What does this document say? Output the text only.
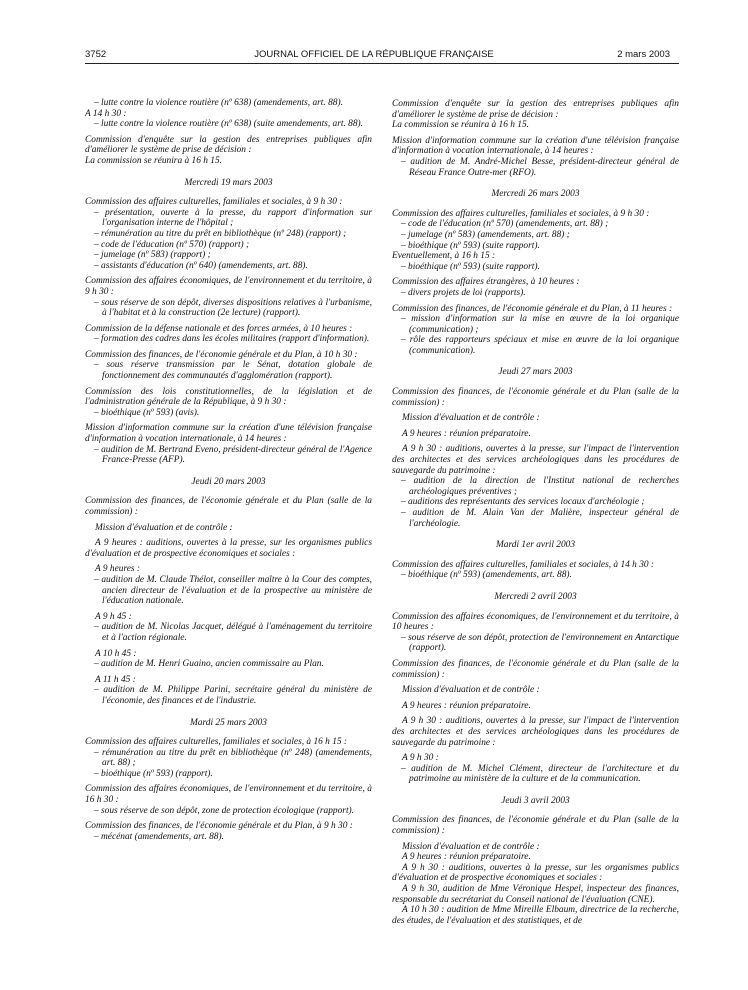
3752	JOURNAL OFFICIEL DE LA RÉPUBLIQUE FRANÇAISE	2 mars 2003
– lutte contre la violence routière (nº 638) (amendements, art. 88).
A 14 h 30 :
– lutte contre la violence routière (nº 638) (suite amendements, art. 88).
Commission d'enquête sur la gestion des entreprises publiques afin d'améliorer le système de prise de décision :
La commission se réunira à 16 h 15.
Mercredi 19 mars 2003
Commission des affaires culturelles, familiales et sociales, à 9 h 30 :
– présentation, ouverte à la presse, du rapport d'information sur l'organisation interne de l'hôpital ;
– rémunération au titre du prêt en bibliothèque (nº 248) (rapport) ;
– code de l'éducation (nº 570) (rapport) ;
– jumelage (nº 583) (rapport) ;
– assistants d'éducation (nº 640) (amendements, art. 88).
Commission des affaires économiques, de l'environnement et du territoire, à 9 h 30 :
– sous réserve de son dépôt, diverses dispositions relatives à l'urbanisme, à l'habitat et à la construction (2e lecture) (rapport).
Commission de la défense nationale et des forces armées, à 10 heures :
– formation des cadres dans les écoles militaires (rapport d'information).
Commission des finances, de l'économie générale et du Plan, à 10 h 30 :
– sous réserve transmission par le Sénat, dotation globale de fonctionnement des communautés d'agglomération (rapport).
Commission des lois constitutionnelles, de la législation et de l'administration générale de la République, à 9 h 30 :
– bioéthique (nº 593) (avis).
Mission d'information commune sur la création d'une télévision française d'information à vocation internationale, à 14 heures :
– audition de M. Bertrand Eveno, président-directeur général de l'Agence France-Presse (AFP).
Jeudi 20 mars 2003
Commission des finances, de l'économie générale et du Plan (salle de la commission) :
Mission d'évaluation et de contrôle :
A 9 heures : auditions, ouvertes à la presse, sur les organismes publics d'évaluation et de prospective économiques et sociales :
A 9 heures :
– audition de M. Claude Thélot, conseiller maître à la Cour des comptes, ancien directeur de l'évaluation et de la prospective au ministère de l'éducation nationale.
A 9 h 45 :
– audition de M. Nicolas Jacquet, délégué à l'aménagement du territoire et à l'action régionale.
A 10 h 45 :
– audition de M. Henri Guaino, ancien commissaire au Plan.
A 11 h 45 :
– audition de M. Philippe Parini, secrétaire général du ministère de l'économie, des finances et de l'industrie.
Mardi 25 mars 2003
Commission des affaires culturelles, familiales et sociales, à 16 h 15 :
– rémunération au titre du prêt en bibliothèque (nº 248) (amendements, art. 88) ;
– bioéthique (nº 593) (rapport).
Commission des affaires économiques, de l'environnement et du territoire, à 16 h 30 :
– sous réserve de son dépôt, zone de protection écologique (rapport).
Commission des finances, de l'économie générale et du Plan, à 9 h 30 :
– mécénat (amendements, art. 88).
Commission d'enquête sur la gestion des entreprises publiques afin d'améliorer le système de prise de décision :
La commission se réunira à 16 h 15.
Mission d'information commune sur la création d'une télévision française d'information à vocation internationale, à 14 heures :
– audition de M. André-Michel Besse, président-directeur général de Réseau France Outre-mer (RFO).
Mercredi 26 mars 2003
Commission des affaires culturelles, familiales et sociales, à 9 h 30 :
– code de l'éducation (nº 570) (amendements, art. 88) ;
– jumelage (nº 583) (amendements, art. 88) ;
– bioéthique (nº 593) (suite rapport).
Eventuellement, à 16 h 15 :
– bioéthique (nº 593) (suite rapport).
Commission des affaires étrangères, à 10 heures :
– divers projets de loi (rapports).
Commission des finances, de l'économie générale et du Plan, à 11 heures :
– mission d'information sur la mise en œuvre de la loi organique (communication) ;
– rôle des rapporteurs spéciaux et mise en œuvre de la loi organique (communication).
Jeudi 27 mars 2003
Commission des finances, de l'économie générale et du Plan (salle de la commission) :
Mission d'évaluation et de contrôle :
A 9 heures : réunion préparatoire.
A 9 h 30 : auditions, ouvertes à la presse, sur l'impact de l'intervention des architectes et des services archéologiques dans les procédures de sauvegarde du patrimoine :
– audition de la direction de l'Institut national de recherches archéologiques préventives ;
– auditions des représentants des services locaux d'archéologie ;
– audition de M. Alain Van der Malière, inspecteur général de l'archéologie.
Mardi 1er avril 2003
Commission des affaires culturelles, familiales et sociales, à 14 h 30 :
– bioéthique (nº 593) (amendements, art. 88).
Mercredi 2 avril 2003
Commission des affaires économiques, de l'environnement et du territoire, à 10 heures :
– sous réserve de son dépôt, protection de l'environnement en Antarctique (rapport).
Commission des finances, de l'économie générale et du Plan (salle de la commission) :
Mission d'évaluation et de contrôle :
A 9 heures : réunion préparatoire.
A 9 h 30 : auditions, ouvertes à la presse, sur l'impact de l'intervention des architectes et des services archéologiques dans les procédures de sauvegarde du patrimoine :
A 9 h 30 :
– audition de M. Michel Clément, directeur de l'architecture et du patrimoine au ministère de la culture et de la communication.
Jeudi 3 avril 2003
Commission des finances, de l'économie générale et du Plan (salle de la commission) :
Mission d'évaluation et de contrôle :
A 9 heures : réunion préparatoire.
A 9 h 30 : auditions, ouvertes à la presse, sur les organismes publics d'évaluation et de prospective économiques et sociales :
A 9 h 30, audition de Mme Véronique Hespel, inspecteur des finances, responsable du secrétariat du Conseil national de l'évaluation (CNE).
A 10 h 30 : audition de Mme Mireille Elbaum, directrice de la recherche, des études, de l'évaluation et des statistiques, et de
